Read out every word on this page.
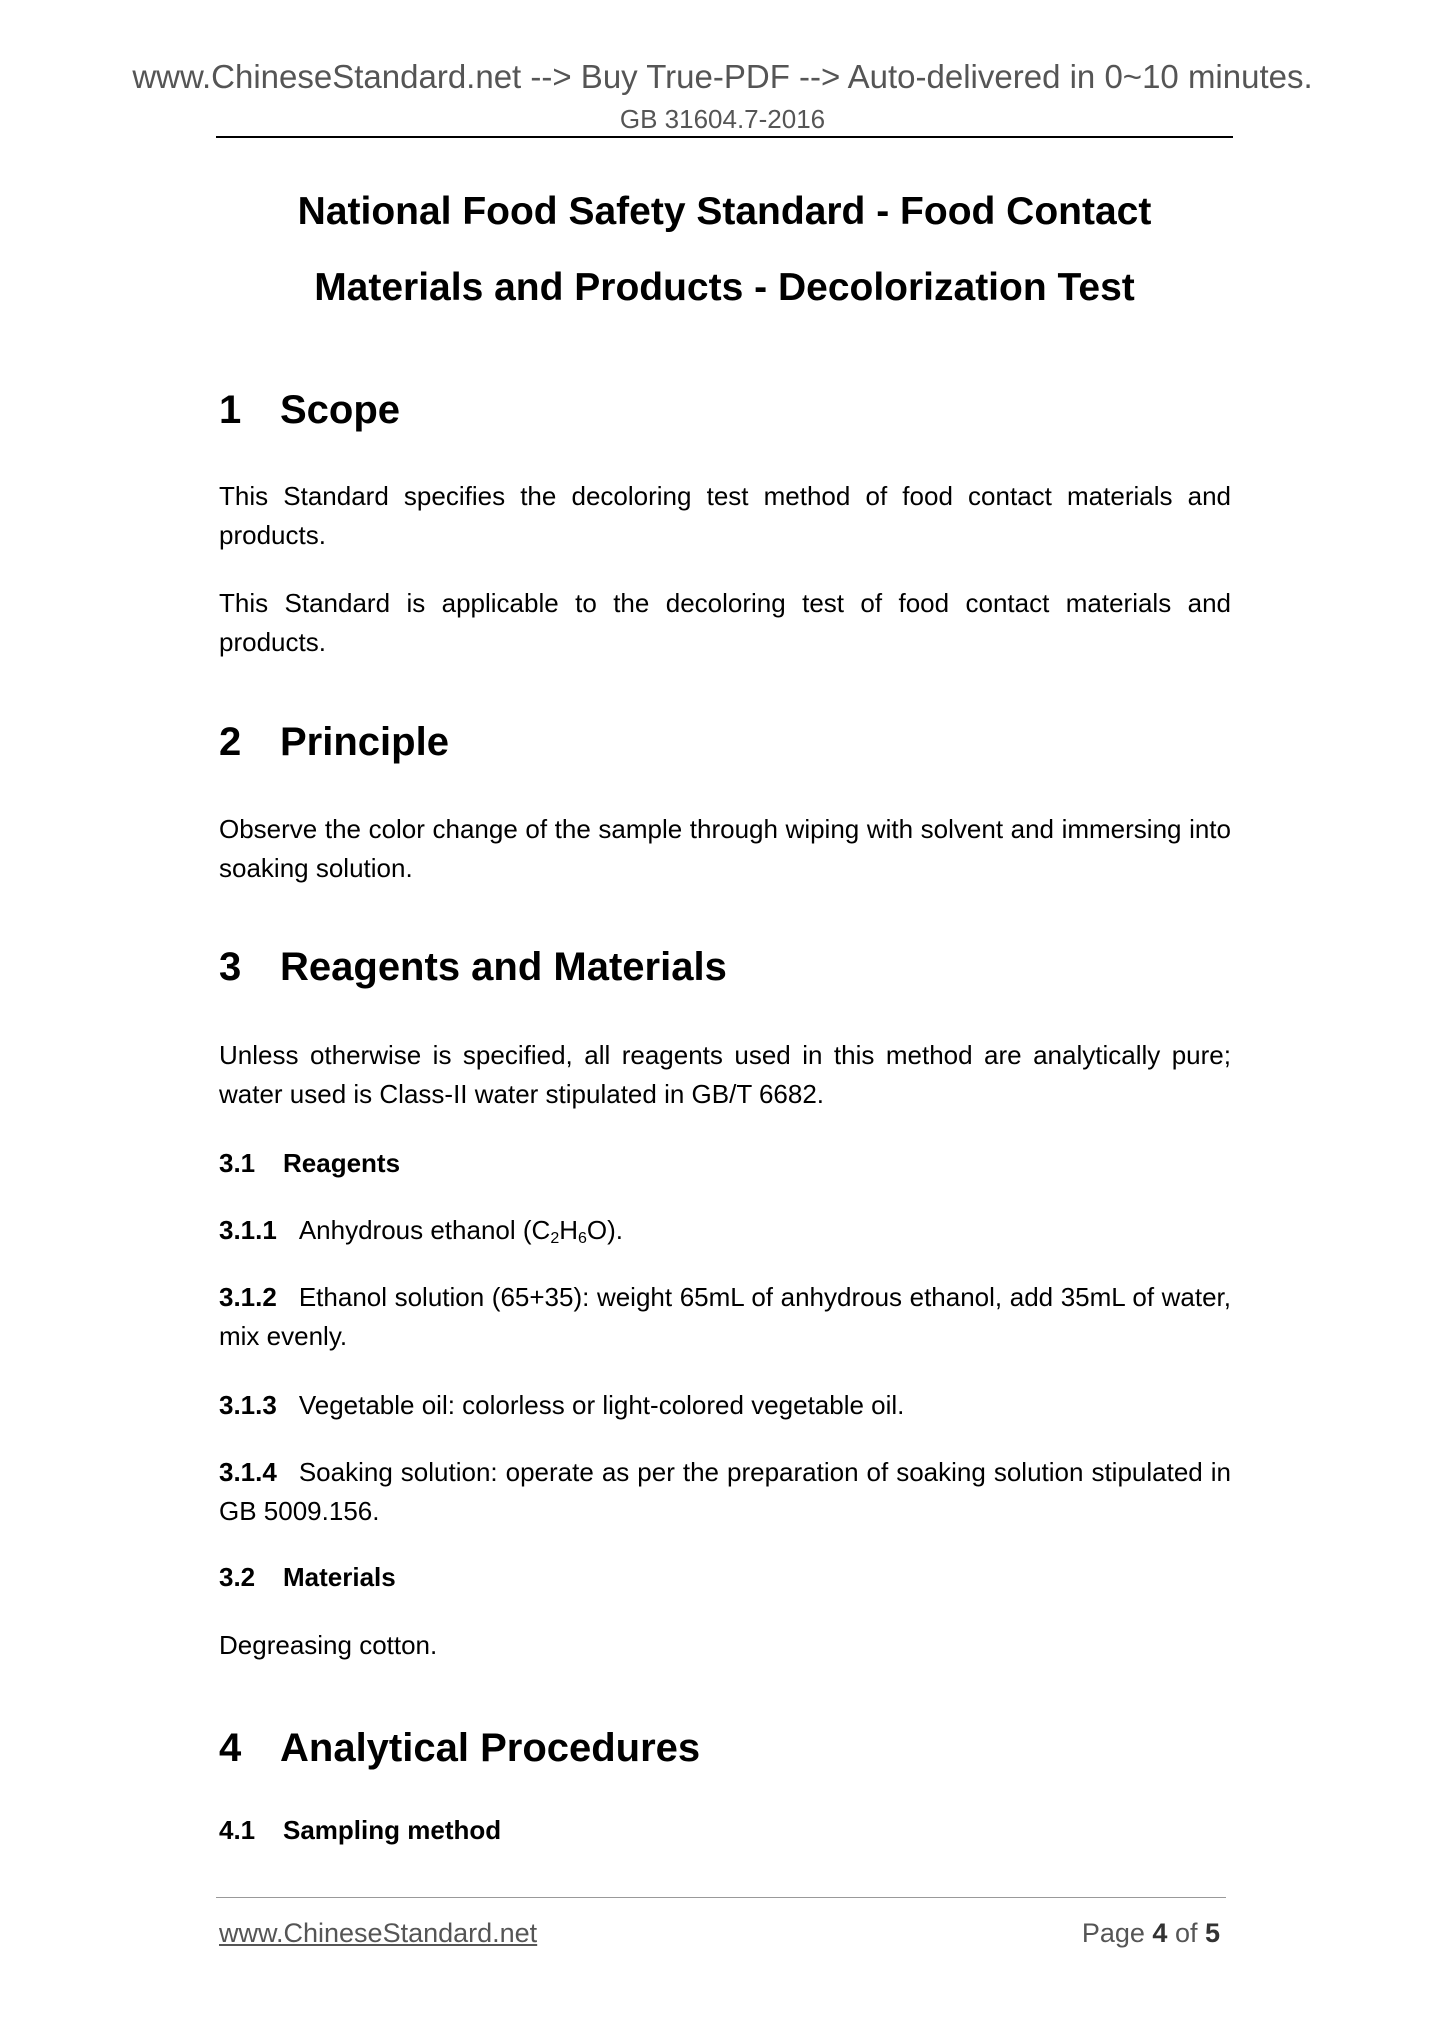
www.ChineseStandard.net --> Buy True-PDF --> Auto-delivered in 0~10 minutes.
GB 31604.7-2016
National Food Safety Standard - Food Contact
Materials and Products - Decolorization Test
1 Scope
This Standard specifies the decoloring test method of food contact materials and products.
This Standard is applicable to the decoloring test of food contact materials and products.
2 Principle
Observe the color change of the sample through wiping with solvent and immersing into soaking solution.
3 Reagents and Materials
Unless otherwise is specified, all reagents used in this method are analytically pure; water used is Class-II water stipulated in GB/T 6682.
3.1 Reagents
3.1.1 Anhydrous ethanol $(C_2H_6O)$.
3.1.2 Ethanol solution (65+35): weight 65mL of anhydrous ethanol, add 35mL of water, mix evenly.
3.1.3 Vegetable oil: colorless or light-colored vegetable oil.
3.1.4 Soaking solution: operate as per the preparation of soaking solution stipulated in GB 5009.156.
3.2 Materials
Degreasing cotton.
4 Analytical Procedures
4.1 Sampling method
www.ChineseStandard.net	Page 4 of 5
